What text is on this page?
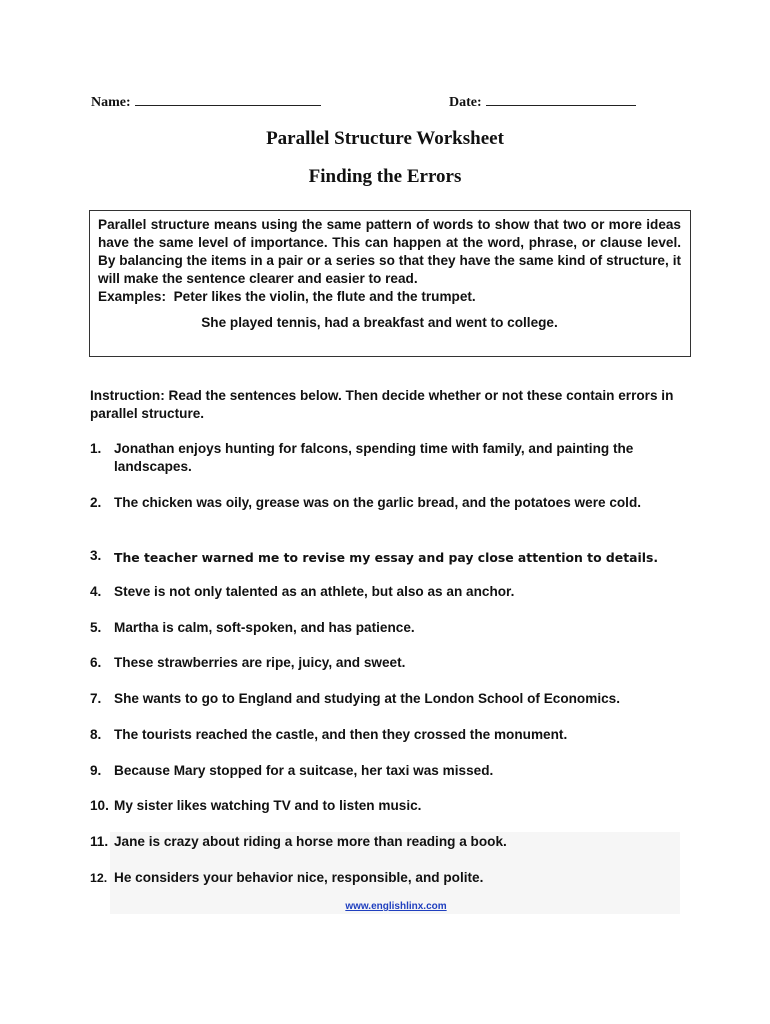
Name:	Date:
Parallel Structure Worksheet
Finding the Errors

Parallel structure means using the same pattern of words to show that two or more ideas have the same level of importance. This can happen at the word, phrase, or clause level. By balancing the items in a pair or a series so that they have the same kind of structure, it will make the sentence clearer and easier to read.

Examples: Peter likes the violin, the flute and the trumpet.

She played tennis, had a breakfast and went to college.

Instruction: Read the sentences below. Then decide whether or not these contain errors in parallel structure.

1. Jonathan enjoys hunting for falcons, spending time with family, and painting the landscapes.
2. The chicken was oily, grease was on the garlic bread, and the potatoes were cold.
3.	The teacher warned me to revise my essay and pay close attention to details.
4. Steve is not only talented as an athlete, but also as an anchor.
5. Martha is calm, soft-spoken, and has patience.
6. These strawberries are ripe, juicy, and sweet.
7. She wants to go to England and studying at the London School of Economics.
8. The tourists reached the castle, and then they crossed the monument.
9. Because Mary stopped for a suitcase, her taxi was missed.
10. My sister likes watching TV and to listen music.
11. Jane is crazy about riding a horse more than reading a book.
12. He considers your behavior nice, responsible, and polite.
www.englishlinx.com
